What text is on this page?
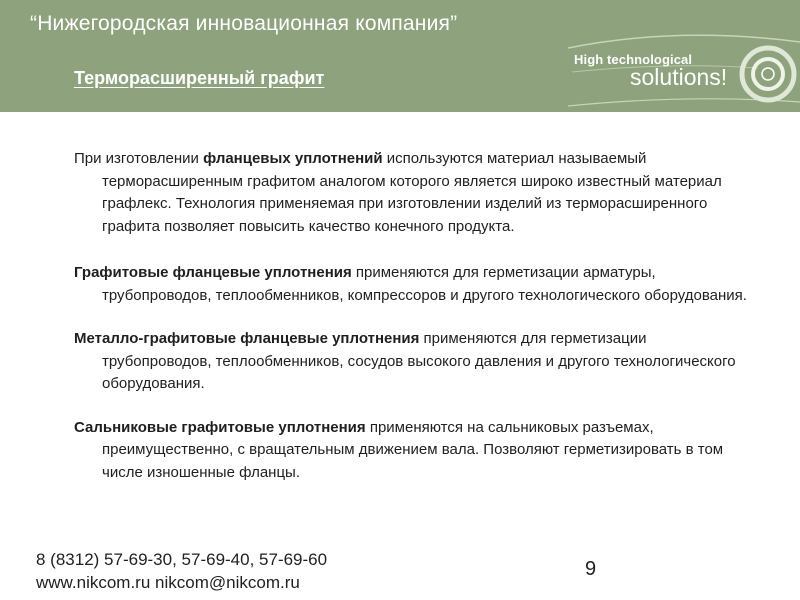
“Нижегородская инновационная компания”
Терморасширенный графит
High technological
solutions!

При изготовлении фланцевых уплотнений используются материал называемый терморасширенным графитом аналогом которого является широко известный материал графлекс. Технология применяемая при изготовлении изделий из терморасширенного графита позволяет повысить качество конечного продукта.

Графитовые фланцевые уплотнения применяются для герметизации арматуры, трубопроводов, теплообменников, компрессоров и другого технологического оборудования.

Металло-графитовые фланцевые уплотнения применяются для герметизации трубопроводов, теплообменников, сосудов высокого давления и другого технологического оборудования.

Сальниковые графитовые уплотнения применяются на сальниковых разъемах, преимущественно, с вращательным движением вала. Позволяют герметизировать в том числе изношенные фланцы.

8 (8312) 57-69-30, 57-69-40, 57-69-60
www.nikcom.ru nikcom@nikcom.ru
9
